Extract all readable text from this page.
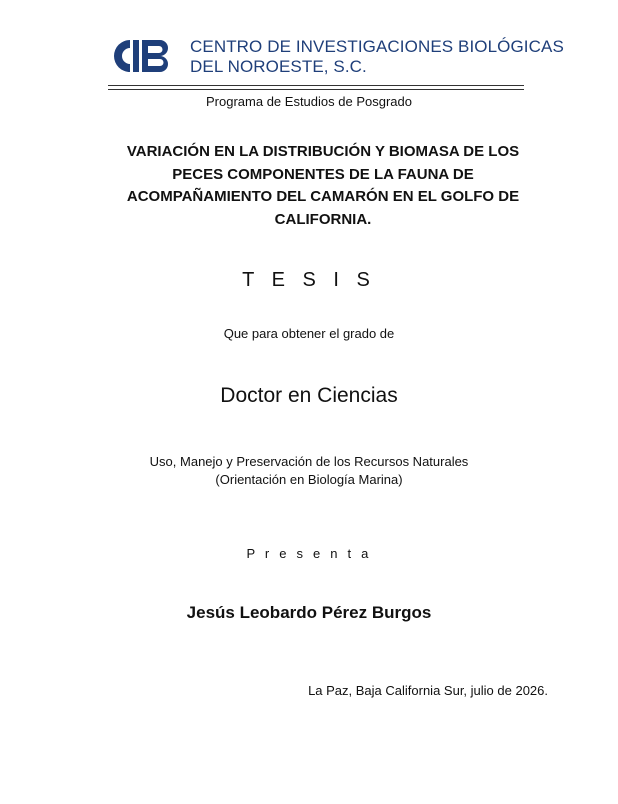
CENTRO DE INVESTIGACIONES BIOLÓGICAS
DEL NOROESTE, S.C.
Programa de Estudios de Posgrado
VARIACIÓN EN LA DISTRIBUCIÓN Y BIOMASA DE LOS PECES COMPONENTES DE LA FAUNA DE ACOMPAÑAMIENTO DEL CAMARÓN EN EL GOLFO DE CALIFORNIA.
T E S I S
Que para obtener el grado de
Doctor en Ciencias
Uso, Manejo y Preservación de los Recursos Naturales
(Orientación en Biología Marina)
P r e s e n t a
Jesús Leobardo Pérez Burgos
La Paz, Baja California Sur, julio de 2026.
